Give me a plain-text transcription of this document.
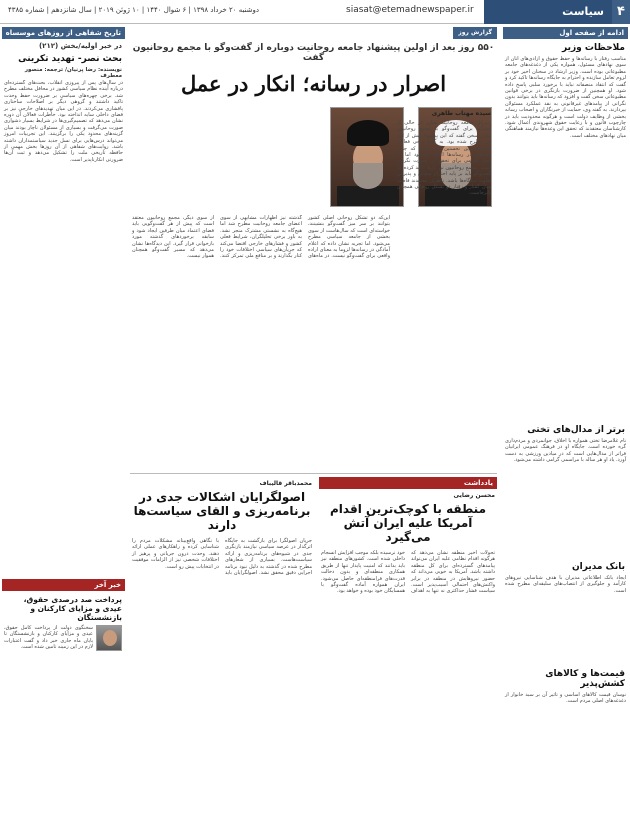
۴
سیاست
siasat@etemadnewspaper.ir
دوشنبه ۲۰ خرداد ۱۳۹۸ | ۶ شوال ۱۴۴۰ | ۱۰ ژوئن ۲۰۱۹ | سال شانزدهم | شماره ۴۳۸۵
ادامه از صفحه اول
ملاحظات وزیر
مناسب رفتار با رسانه‌ها و حفظ حقوق و آزادی‌های آنان از سوی نهادهای مسئول، همواره یکی از دغدغه‌های جامعه مطبوعاتی بوده است. وزیر ارشاد در سخنان اخیر خود بر لزوم تعامل سازنده و احترام به جایگاه رسانه‌ها تاکید کرد و گفت که انتقاد منصفانه نباید با برخورد سلبی پاسخ داده شود. او همچنین از ضرورت بازنگری در برخی قوانین مطبوعاتی سخن گفت و افزود که رسانه‌ها باید بتوانند بدون نگرانی از پیامدهای غیرقانونی به نقد عملکرد مسئولان بپردازند. به گفته وی، حمایت از خبرنگاران و اصحاب رسانه بخشی از وظایف دولت است و هرگونه محدودیت باید در چارچوب قانون و با رعایت حقوق شهروندی اعمال شود. کارشناسان معتقدند که تحقق این وعده‌ها نیازمند هماهنگی میان نهادهای مختلف است.
برتر از مدال‌های تختی
نام غلامرضا تختی همواره با اخلاق، جوانمردی و مردم‌داری گره خورده است. جایگاه او در فرهنگ عمومی ایرانیان فراتر از مدال‌هایی است که در میادین ورزشی به دست آورد. یاد او هر ساله با مراسمی گرامی داشته می‌شود.
بانک مدیران
ایجاد بانک اطلاعاتی مدیران با هدف شناسایی نیروهای کارآمد و جلوگیری از انتصاب‌های سلیقه‌ای مطرح شده است.
قیمت‌ها و کالاهای کشش‌پذیر
نوسان قیمت کالاهای اساسی و تاثیر آن بر سبد خانوار از دغدغه‌های اصلی مردم است.
گزارش روز
۵۵۰ روز بعد از اولین پیشنهاد جامعه روحانیت دوباره از گفت‌وگو با مجمع روحانیون گفت
اصرار در رسانه؛ انکار در عمل
سیده مهتاب طاهری
دبیرکل جامعه روحانیت مبارز در حالی از آمادگی برای گفت‌وگو با مجمع روحانیون مبارز سخن گفته که این پیشنهاد پیش از این نیز مطرح شده بود. به گفته برخی فعالان سیاسی، این نخستین بار نیست که چنین موضعی در رسانه‌ها اعلام می‌شود اما در عمل اقدامی برای تحقق آن صورت نگرفته است. مجمع روحانیون نیز بارها تاکید کرده که گفت‌وگو باید بر پایه احترام متقابل و پذیرش تفاوت دیدگاه‌ها باشد. ناظران معتقدند فاصله میان گفتار و رفتار دو تشکل روحانی همچنان پابرجاست.
این‌که دو تشکل روحانی اصلی کشور بتوانند بر سر میز گفت‌وگو بنشینند، خواسته‌ای است که سال‌هاست از سوی بخشی از جامعه سیاسی مطرح می‌شود. اما تجربه نشان داده که اعلام آمادگی در رسانه‌ها لزوما به معنای اراده واقعی برای گفت‌وگو نیست. در ماه‌های گذشته نیز اظهارات مشابهی از سوی اعضای جامعه روحانیت مطرح شد اما هیچ‌گاه به نشستی مشترک منجر نشد. به باور برخی تحلیلگران، شرایط فعلی کشور و فشارهای خارجی اقتضا می‌کند که جریان‌های سیاسی اختلافات خود را کنار بگذارند و بر منافع ملی تمرکز کنند. از سوی دیگر، مجمع روحانیون معتقد است که پیش از هر گفت‌وگویی باید فضای اعتماد میان طرفین ایجاد شود و سابقه برخوردهای گذشته مورد بازخوانی قرار گیرد. این دیدگاه‌ها نشان می‌دهد که مسیر گفت‌وگو همچنان هموار نیست.
یادداشت
محسن رضایی
منطقه با کوچک‌ترین اقدام آمریکا علیه ایران آتش می‌گیرد
تحولات اخیر منطقه نشان می‌دهد که هرگونه اقدام نظامی علیه ایران می‌تواند پیامدهای گسترده‌ای برای کل منطقه داشته باشد. آمریکا به خوبی می‌داند که حضور نیروهایش در منطقه در برابر واکنش‌های احتمالی آسیب‌پذیر است. سیاست فشار حداکثری نه تنها به اهداف خود نرسیده بلکه موجب افزایش انسجام داخلی شده است. کشورهای منطقه نیز باید بدانند که امنیت پایدار تنها از طریق همکاری منطقه‌ای و بدون دخالت قدرت‌های فرامنطقه‌ای حاصل می‌شود. ایران همواره آماده گفت‌وگو با همسایگان خود بوده و خواهد بود.
محمدباقر قالیباف
اصولگرایان اشکالات جدی در برنامه‌ریزی و القای سیاست‌ها دارند
جریان اصولگرا برای بازگشت به جایگاه اثرگذار در عرصه سیاسی نیازمند بازنگری جدی در شیوه‌های برنامه‌ریزی و ارائه سیاست‌هاست. بسیاری از شعارهای مطرح شده در گذشته به دلیل نبود برنامه اجرایی دقیق محقق نشد. اصولگرایان باید با نگاهی واقع‌بینانه مشکلات مردم را شناسایی کرده و راهکارهای عملی ارائه دهند. وحدت درون جریانی و پرهیز از اختلافات شخصی نیز از الزامات موفقیت در انتخابات پیش رو است.
تاریخ شفاهی از روزهای موسساه
در خبر اولیه/بخش (۲۱۲)
بحث نصر- تهدید تکرینی
نویسنده: رضا پرنیان/ ترجمه: منصور معطرف
در سال‌های پس از پیروزی انقلاب، بحث‌های گسترده‌ای درباره آینده نظام سیاسی کشور در محافل مختلف مطرح شد. برخی چهره‌های سیاسی بر ضرورت حفظ وحدت تاکید داشتند و گروهی دیگر بر اصلاحات ساختاری پافشاری می‌کردند. در این میان تهدیدهای خارجی نیز بر فضای داخلی سایه انداخته بود. خاطرات فعالان آن دوره نشان می‌دهد که تصمیم‌گیری‌ها در شرایط بسیار دشواری صورت می‌گرفت و بسیاری از مسئولان ناچار بودند میان گزینه‌های محدود یکی را برگزینند. این تجربیات امروز می‌تواند درس‌هایی برای نسل جدید سیاستمداران داشته باشد. روایت‌های شفاهی از آن روزها بخش مهمی از حافظه تاریخی ملت را تشکیل می‌دهد و ثبت آن‌ها ضرورتی انکارناپذیر است.
خبر آخر
پرداخت صد درصدی حقوق، عیدی و مزایای کارکنان و بازنشستگان
سخنگوی دولت از پرداخت کامل حقوق، عیدی و مزایای کارکنان و بازنشستگان تا پایان ماه جاری خبر داد و گفت اعتبارات لازم در این زمینه تامین شده است.
